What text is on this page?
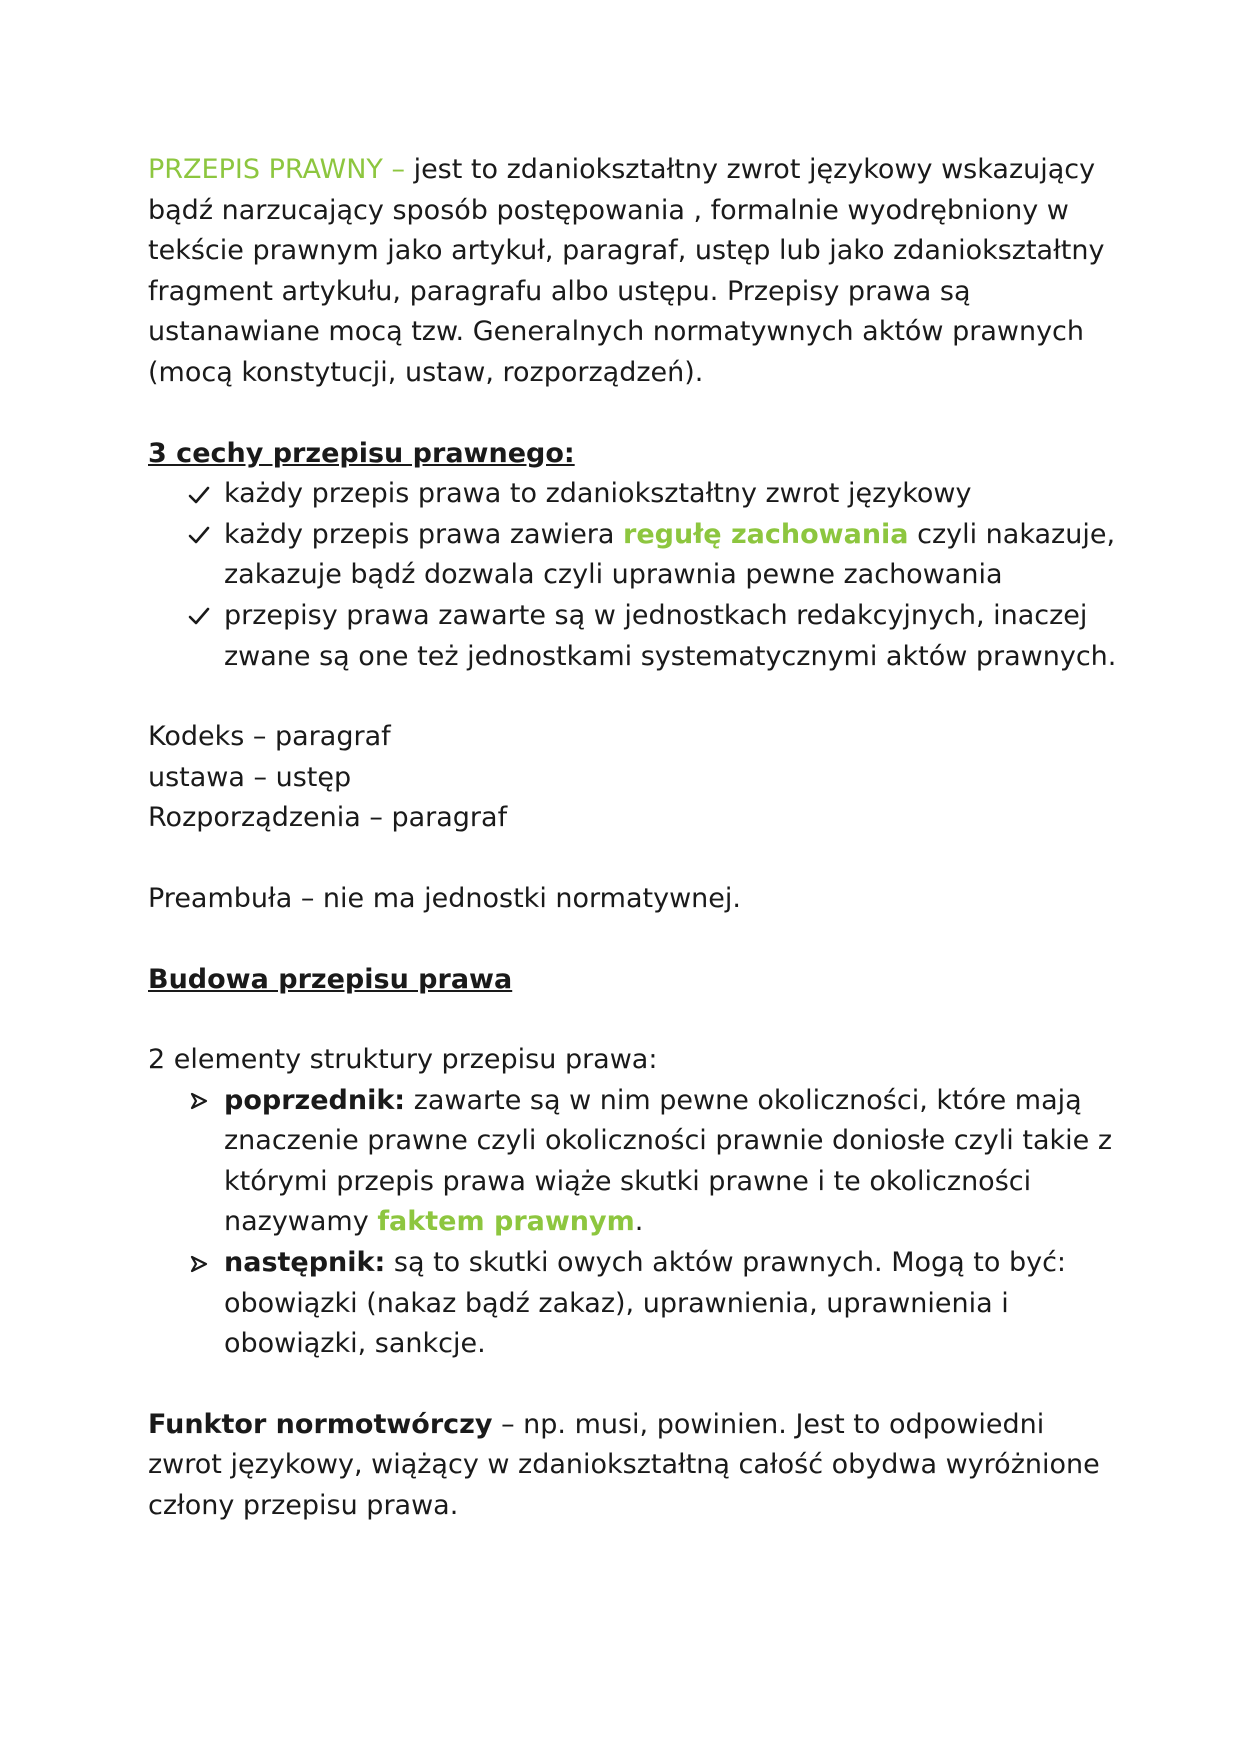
PRZEPIS PRAWNY – jest to zdaniokształtny zwrot językowy wskazujący bądź narzucający sposób postępowania , formalnie wyodrębniony w tekście prawnym jako artykuł, paragraf, ustęp lub jako zdaniokształtny fragment artykułu, paragrafu albo ustępu. Przepisy prawa są ustanawiane mocą tzw. Generalnych normatywnych aktów prawnych (mocą konstytucji, ustaw, rozporządzeń).

3 cechy przepisu prawnego:

każdy przepis prawa to zdaniokształtny zwrot językowy
każdy przepis prawa zawiera regułę zachowania czyli nakazuje, zakazuje bądź dozwala czyli uprawnia pewne zachowania
przepisy prawa zawarte są w jednostkach redakcyjnych, inaczej zwane są one też jednostkami systematycznymi aktów prawnych.

Kodeks – paragraf

ustawa – ustęp

Rozporządzenia – paragraf

Preambuła – nie ma jednostki normatywnej.

Budowa przepisu prawa

2 elementy struktury przepisu prawa:

poprzednik: zawarte są w nim pewne okoliczności, które mają znaczenie prawne czyli okoliczności prawnie doniosłe czyli takie z którymi przepis prawa wiąże skutki prawne i te okoliczności nazywamy faktem prawnym.
następnik: są to skutki owych aktów prawnych. Mogą to być: obowiązki (nakaz bądź zakaz), uprawnienia, uprawnienia i obowiązki, sankcje.

Funktor normotwórczy – np. musi, powinien. Jest to odpowiedni zwrot językowy, wiążący w zdaniokształtną całość obydwa wyróżnione człony przepisu prawa.
